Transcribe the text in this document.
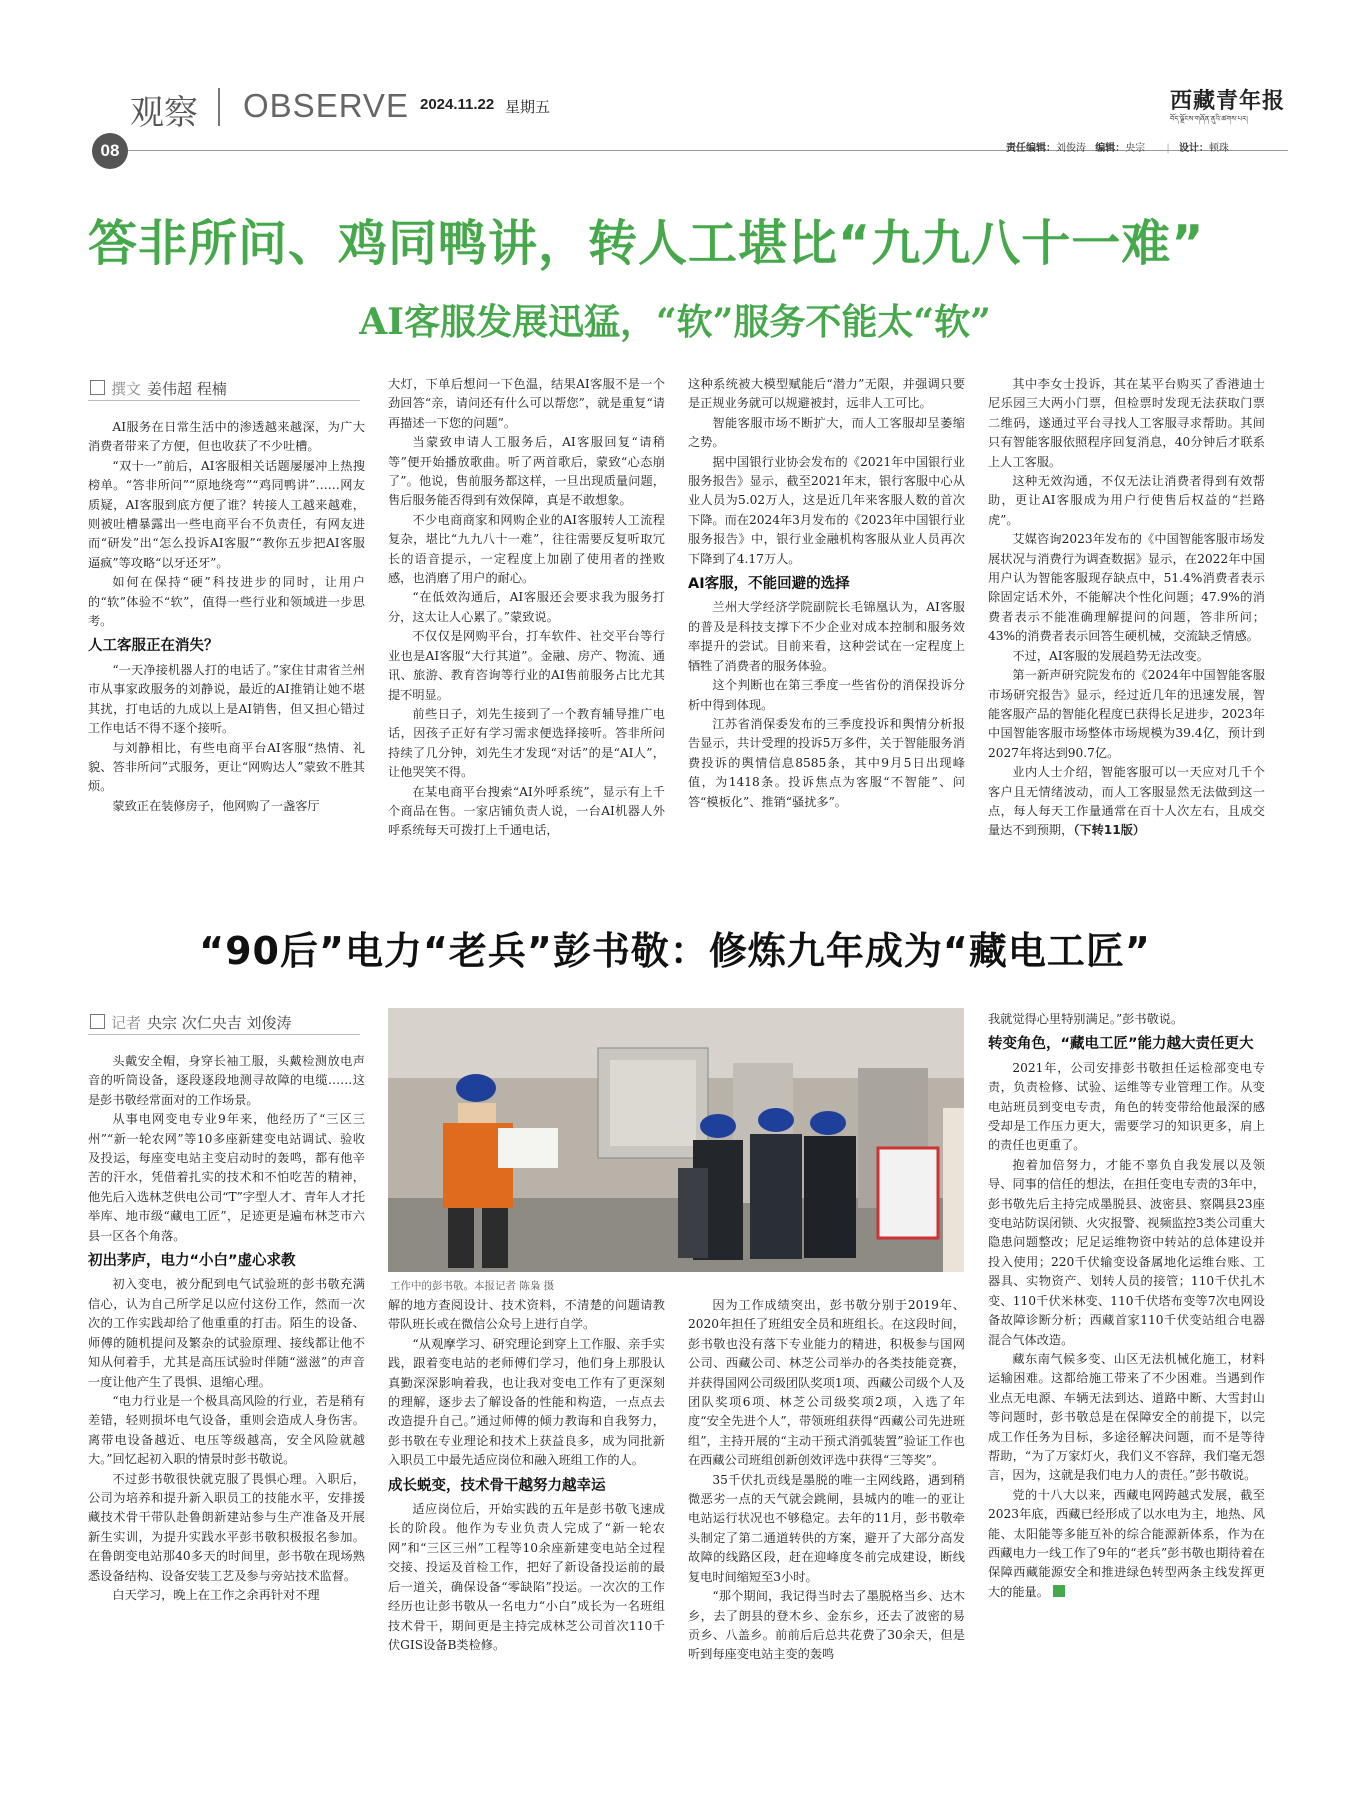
观察 OBSERVE 2024.11.22 星期五	西藏青年报
བོད་ལྗོངས་གཞོན་ནུའི་ཚགས་པར།
08	责任编辑：刘俊涛 编辑：央宗 | 设计：顿珠
答非所问、鸡同鸭讲，转人工堪比“九九八十一难”
AI客服发展迅猛，“软”服务不能太“软”
撰文 姜伟超 程楠

AI服务在日常生活中的渗透越来越深，为广大消费者带来了方便，但也收获了不少吐槽。

“双十一”前后，AI客服相关话题屡屡冲上热搜榜单。“答非所问”“原地绕弯”“鸡同鸭讲”……网友质疑，AI客服到底方便了谁？转接人工越来越难，则被吐槽暴露出一些电商平台不负责任，有网友进而“研发”出“怎么投诉AI客服”“教你五步把AI客服逼疯”等攻略“以牙还牙”。

如何在保持“硬”科技进步的同时，让用户的“软”体验不“软”，值得一些行业和领域进一步思考。

人工客服正在消失？

“一天净接机器人打的电话了。”家住甘肃省兰州市从事家政服务的刘静说，最近的AI推销让她不堪其扰，打电话的九成以上是AI销售，但又担心错过工作电话不得不逐个接听。

与刘静相比，有些电商平台AI客服“热情、礼貌、答非所问”式服务，更让“网购达人”蒙致不胜其烦。

蒙致正在装修房子，他网购了一盏客厅

大灯，下单后想问一下色温，结果AI客服不是一个劲回答“亲，请问还有什么可以帮您”，就是重复“请再描述一下您的问题”。

当蒙致申请人工服务后，AI客服回复“请稍等”便开始播放歌曲。听了两首歌后，蒙致“心态崩了”。他说，售前服务都这样，一旦出现质量问题，售后服务能否得到有效保障，真是不敢想象。

不少电商商家和网购企业的AI客服转人工流程复杂，堪比“九九八十一难”，往往需要反复听取冗长的语音提示，一定程度上加剧了使用者的挫败感，也消磨了用户的耐心。

“在低效沟通后，AI客服还会要求我为服务打分，这太让人心累了。”蒙致说。

不仅仅是网购平台，打车软件、社交平台等行业也是AI客服“大行其道”。金融、房产、物流、通讯、旅游、教育咨询等行业的AI售前服务占比尤其提不明显。

前些日子，刘先生接到了一个教育辅导推广电话，因孩子正好有学习需求便选择接听。答非所问持续了几分钟，刘先生才发现“对话”的是“AI人”，让他哭笑不得。

在某电商平台搜索“AI外呼系统”，显示有上千个商品在售。一家店铺负责人说，一台AI机器人外呼系统每天可拨打上千通电话，

这种系统被大模型赋能后“潜力”无限，并强调只要是正规业务就可以规避被封，远非人工可比。

智能客服市场不断扩大，而人工客服却呈萎缩之势。

据中国银行业协会发布的《2021年中国银行业服务报告》显示，截至2021年末，银行客服中心从业人员为5.02万人，这是近几年来客服人数的首次下降。而在2024年3月发布的《2023年中国银行业服务报告》中，银行业金融机构客服从业人员再次下降到了4.17万人。

AI客服，不能回避的选择

兰州大学经济学院副院长毛锦凰认为，AI客服的普及是科技支撑下不少企业对成本控制和服务效率提升的尝试。目前来看，这种尝试在一定程度上牺牲了消费者的服务体验。

这个判断也在第三季度一些省份的消保投诉分析中得到体现。

江苏省消保委发布的三季度投诉和舆情分析报告显示，共计受理的投诉5万多件，关于智能服务消费投诉的舆情信息8585条，其中9月5日出现峰值，为1418条。投诉焦点为客服“不智能”、问答“模板化”、推销“骚扰多”。

其中李女士投诉，其在某平台购买了香港迪士尼乐园三大两小门票，但检票时发现无法获取门票二维码，遂通过平台寻找人工客服寻求帮助。其间只有智能客服依照程序回复消息，40分钟后才联系上人工客服。

这种无效沟通，不仅无法让消费者得到有效帮助，更让AI客服成为用户行使售后权益的“拦路虎”。

艾媒咨询2023年发布的《中国智能客服市场发展状况与消费行为调查数据》显示，在2022年中国用户认为智能客服现存缺点中，51.4%消费者表示除固定话术外，不能解决个性化问题；47.9%的消费者表示不能准确理解提问的问题，答非所问；43%的消费者表示回答生硬机械，交流缺乏情感。

不过，AI客服的发展趋势无法改变。

第一新声研究院发布的《2024年中国智能客服市场研究报告》显示，经过近几年的迅速发展，智能客服产品的智能化程度已获得长足进步，2023年中国智能客服市场整体市场规模为39.4亿，预计到2027年将达到90.7亿。

业内人士介绍，智能客服可以一天应对几千个客户且无情绪波动，而人工客服显然无法做到这一点，每人每天工作量通常在百十人次左右，且成交量达不到预期，（下转11版）

“90后”电力“老兵”彭书敬：修炼九年成为“藏电工匠”
记者 央宗 次仁央吉 刘俊涛

头戴安全帽，身穿长袖工服，头戴检测放电声音的听筒设备，逐段逐段地测寻故障的电缆……这是彭书敬经常面对的工作场景。

从事电网变电专业9年来，他经历了“三区三州”“新一轮农网”等10多座新建变电站调试、验收及投运，每座变电站主变启动时的轰鸣，都有他辛苦的汗水，凭借着扎实的技术和不怕吃苦的精神，他先后入选林芝供电公司“T”字型人才、青年人才托举库、地市级“藏电工匠”，足迹更是遍布林芝市六县一区各个角落。

初出茅庐，电力“小白”虚心求教

初入变电，被分配到电气试验班的彭书敬充满信心，认为自己所学足以应付这份工作，然而一次次的工作实践却给了他重重的打击。陌生的设备、师傅的随机提问及繁杂的试验原理、接线都让他不知从何着手，尤其是高压试验时伴随“滋滋”的声音一度让他产生了畏惧、退缩心理。

“电力行业是一个极具高风险的行业，若是稍有差错，轻则损坏电气设备，重则会造成人身伤害。离带电设备越近、电压等级越高，安全风险就越大。”回忆起初入职的情景时彭书敬说。

不过彭书敬很快就克服了畏惧心理。入职后，公司为培养和提升新入职员工的技能水平，安排援藏技术骨干带队赴鲁朗新建站参与生产准备及开展新生实训，为提升实践水平彭书敬积极报名参加。在鲁朗变电站那40多天的时间里，彭书敬在现场熟悉设备结构、设备安装工艺及参与旁站技术监督。

白天学习，晚上在工作之余再针对不理

工作中的彭书敬。本报记者 陈枭 摄

解的地方查阅设计、技术资料，不清楚的问题请教带队班长或在微信公众号上进行自学。

“从观摩学习、研究理论到穿上工作服、亲手实践，跟着变电站的老师傅们学习，他们身上那股认真勤深深影响着我，也让我对变电工作有了更深刻的理解，逐步去了解设备的性能和构造，一点点去改造提升自己。”通过师傅的倾力教诲和自我努力，彭书敬在专业理论和技术上获益良多，成为同批新入职员工中最先适应岗位和融入班组工作的人。

成长蜕变，技术骨干越努力越幸运

适应岗位后，开始实践的五年是彭书敬飞速成长的阶段。他作为专业负责人完成了“新一轮农网”和“三区三州”工程等10余座新建变电站全过程交接、投运及首检工作，把好了新设备投运前的最后一道关，确保设备“零缺陷”投运。一次次的工作经历也让彭书敬从一名电力“小白”成长为一名班组技术骨干，期间更是主持完成林芝公司首次110千伏GIS设备B类检修。

因为工作成绩突出，彭书敬分别于2019年、2020年担任了班组安全员和班组长。在这段时间，彭书敬也没有落下专业能力的精进，积极参与国网公司、西藏公司、林芝公司举办的各类技能竞赛，并获得国网公司级团队奖项1项、西藏公司级个人及团队奖项6项、林芝公司级奖项2项，入选了年度“安全先进个人”，带领班组获得“西藏公司先进班组”，主持开展的“主动干预式消弧装置”验证工作也在西藏公司班组创新创效评选中获得“三等奖”。

35千伏扎贡线是墨脱的唯一主网线路，遇到稍微恶劣一点的天气就会跳闸，县城内的唯一的亚让电站运行状况也不够稳定。去年的11月，彭书敬牵头制定了第二通道转供的方案，避开了大部分高发故障的线路区段，赶在迎峰度冬前完成建设，断线复电时间缩短至3小时。

“那个期间，我记得当时去了墨脱格当乡、达木乡，去了朗县的登木乡、金东乡，还去了波密的易贡乡、八盖乡。前前后后总共花费了30余天，但是听到每座变电站主变的轰鸣

我就觉得心里特别满足。”彭书敬说。

转变角色，“藏电工匠”能力越大责任更大

2021年，公司安排彭书敬担任运检部变电专责，负责检修、试验、运维等专业管理工作。从变电站班员到变电专责，角色的转变带给他最深的感受却是工作压力更大，需要学习的知识更多，肩上的责任也更重了。

抱着加倍努力，才能不辜负自我发展以及领导、同事的信任的想法，在担任变电专责的3年中，彭书敬先后主持完成墨脱县、波密县、察隅县23座变电站防误闭锁、火灾报警、视频监控3类公司重大隐患问题整改；尼足运维物资中转站的总体建设并投入使用；220千伏输变设备属地化运维台账、工器具、实物资产、划转人员的接管；110千伏扎木变、110千伏米林变、110千伏塔布变等7次电网设备故障诊断分析；西藏首家110千伏变站组合电器混合气体改造。

藏东南气候多变、山区无法机械化施工，材料运输困难。这都给施工带来了不少困难。当遇到作业点无电源、车辆无法到达、道路中断、大雪封山等问题时，彭书敬总是在保障安全的前提下，以完成工作任务为目标，多途径解决问题，而不是等待帮助，“为了万家灯火，我们义不容辞，我们毫无怨言，因为，这就是我们电力人的责任。”彭书敬说。

党的十八大以来，西藏电网跨越式发展，截至2023年底，西藏已经形成了以水电为主，地热、风能、太阳能等多能互补的综合能源新体系，作为在西藏电力一线工作了9年的“老兵”彭书敬也期待着在保障西藏能源安全和推进绿色转型两条主线发挥更大的能量。
